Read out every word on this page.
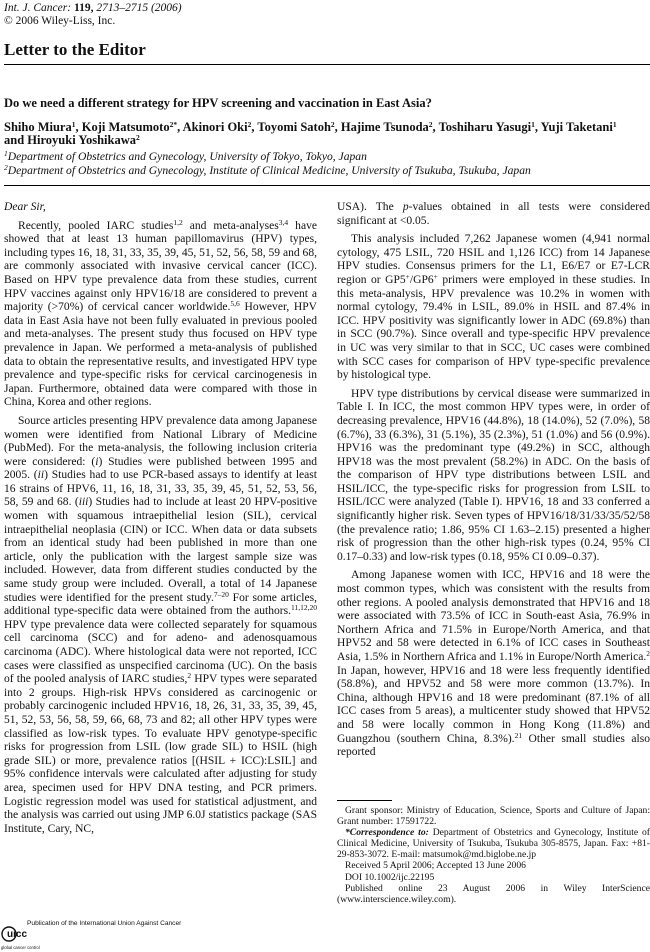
Int. J. Cancer: 119, 2713–2715 (2006)
© 2006 Wiley-Liss, Inc.
Letter to the Editor
Do we need a different strategy for HPV screening and vaccination in East Asia?
Shiho Miura$^1$, Koji Matsumoto$^{2*}$, Akinori Oki$^2$, Toyomi Satoh$^2$, Hajime Tsunoda$^2$, Toshiharu Yasugi$^1$, Yuji Taketani$^1$ and Hiroyuki Yoshikawa$^2$
$^1$Department of Obstetrics and Gynecology, University of Tokyo, Tokyo, Japan
$^2$Department of Obstetrics and Gynecology, Institute of Clinical Medicine, University of Tsukuba, Tsukuba, Japan

Dear Sir,

Recently, pooled IARC studies$^{1,2}$ and meta-analyses$^{3,4}$ have showed that at least 13 human papillomavirus (HPV) types, including types 16, 18, 31, 33, 35, 39, 45, 51, 52, 56, 58, 59 and 68, are commonly associated with invasive cervical cancer (ICC). Based on HPV type prevalence data from these studies, current HPV vaccines against only HPV16/18 are considered to prevent a majority (>70%) of cervical cancer worldwide.$^{5,6}$ However, HPV data in East Asia have not been fully evaluated in previous pooled and meta-analyses. The present study thus focused on HPV type prevalence in Japan. We performed a meta-analysis of published data to obtain the representative results, and investigated HPV type prevalence and type-specific risks for cervical carcinogenesis in Japan. Furthermore, obtained data were compared with those in China, Korea and other regions.

Source articles presenting HPV prevalence data among Japanese women were identified from National Library of Medicine (PubMed). For the meta-analysis, the following inclusion criteria were considered: (i) Studies were published between 1995 and 2005. (ii) Studies had to use PCR-based assays to identify at least 16 strains of HPV6, 11, 16, 18, 31, 33, 35, 39, 45, 51, 52, 53, 56, 58, 59 and 68. (iii) Studies had to include at least 20 HPV-positive women with squamous intraepithelial lesion (SIL), cervical intraepithelial neoplasia (CIN) or ICC. When data or data subsets from an identical study had been published in more than one article, only the publication with the largest sample size was included. However, data from different studies conducted by the same study group were included. Overall, a total of 14 Japanese studies were identified for the present study.$^{7-20}$ For some articles, additional type-specific data were obtained from the authors.$^{11,12,20}$ HPV type prevalence data were collected separately for squamous cell carcinoma (SCC) and for adeno- and adenosquamous carcinoma (ADC). Where histological data were not reported, ICC cases were classified as unspecified carcinoma (UC). On the basis of the pooled analysis of IARC studies,$^2$ HPV types were separated into 2 groups. High-risk HPVs considered as carcinogenic or probably carcinogenic included HPV16, 18, 26, 31, 33, 35, 39, 45, 51, 52, 53, 56, 58, 59, 66, 68, 73 and 82; all other HPV types were classified as low-risk types. To evaluate HPV genotype-specific risks for progression from LSIL (low grade SIL) to HSIL (high grade SIL) or more, prevalence ratios [(HSIL + ICC):LSIL] and 95% confidence intervals were calculated after adjusting for study area, specimen used for HPV DNA testing, and PCR primers. Logistic regression model was used for statistical adjustment, and the analysis was carried out using JMP 6.0J statistics package (SAS Institute, Cary, NC,

USA). The p-values obtained in all tests were considered significant at <0.05.

This analysis included 7,262 Japanese women (4,941 normal cytology, 475 LSIL, 720 HSIL and 1,126 ICC) from 14 Japanese HPV studies. Consensus primers for the L1, E6/E7 or E7-LCR region or GP5+/GP6+ primers were employed in these studies. In this meta-analysis, HPV prevalence was 10.2% in women with normal cytology, 79.4% in LSIL, 89.0% in HSIL and 87.4% in ICC. HPV positivity was significantly lower in ADC (69.8%) than in SCC (90.7%). Since overall and type-specific HPV prevalence in UC was very similar to that in SCC, UC cases were combined with SCC cases for comparison of HPV type-specific prevalence by histological type.

HPV type distributions by cervical disease were summarized in Table I. In ICC, the most common HPV types were, in order of decreasing prevalence, HPV16 (44.8%), 18 (14.0%), 52 (7.0%), 58 (6.7%), 33 (6.3%), 31 (5.1%), 35 (2.3%), 51 (1.0%) and 56 (0.9%). HPV16 was the predominant type (49.2%) in SCC, although HPV18 was the most prevalent (58.2%) in ADC. On the basis of the comparison of HPV type distributions between LSIL and HSIL/ICC, the type-specific risks for progression from LSIL to HSIL/ICC were analyzed (Table I). HPV16, 18 and 33 conferred a significantly higher risk. Seven types of HPV16/18/31/33/35/52/58 (the prevalence ratio; 1.86, 95% CI 1.63–2.15) presented a higher risk of progression than the other high-risk types (0.24, 95% CI 0.17–0.33) and low-risk types (0.18, 95% CI 0.09–0.37).

Among Japanese women with ICC, HPV16 and 18 were the most common types, which was consistent with the results from other regions. A pooled analysis demonstrated that HPV16 and 18 were associated with 73.5% of ICC in South-east Asia, 76.9% in Northern Africa and 71.5% in Europe/North America, and that HPV52 and 58 were detected in 6.1% of ICC cases in Southeast Asia, 1.5% in Northern Africa and 1.1% in Europe/North America.$^2$ In Japan, however, HPV16 and 18 were less frequently identified (58.8%), and HPV52 and 58 were more common (13.7%). In China, although HPV16 and 18 were predominant (87.1% of all ICC cases from 5 areas), a multicenter study showed that HPV52 and 58 were locally common in Hong Kong (11.8%) and Guangzhou (southern China, 8.3%).$^{21}$ Other small studies also reported

Grant sponsor: Ministry of Education, Science, Sports and Culture of Japan: Grant number: 17591722.

*Correspondence to: Department of Obstetrics and Gynecology, Institute of Clinical Medicine, University of Tsukuba, Tsukuba 305-8575, Japan. Fax: +81-29-853-3072. E-mail: matsumok@md.biglobe.ne.jp

Received 5 April 2006; Accepted 13 June 2006

DOI 10.1002/ijc.22195

Published online 23 August 2006 in Wiley InterScience (www.interscience.wiley.com).

Publication of the International Union Against Cancer
uicc
global cancer control
